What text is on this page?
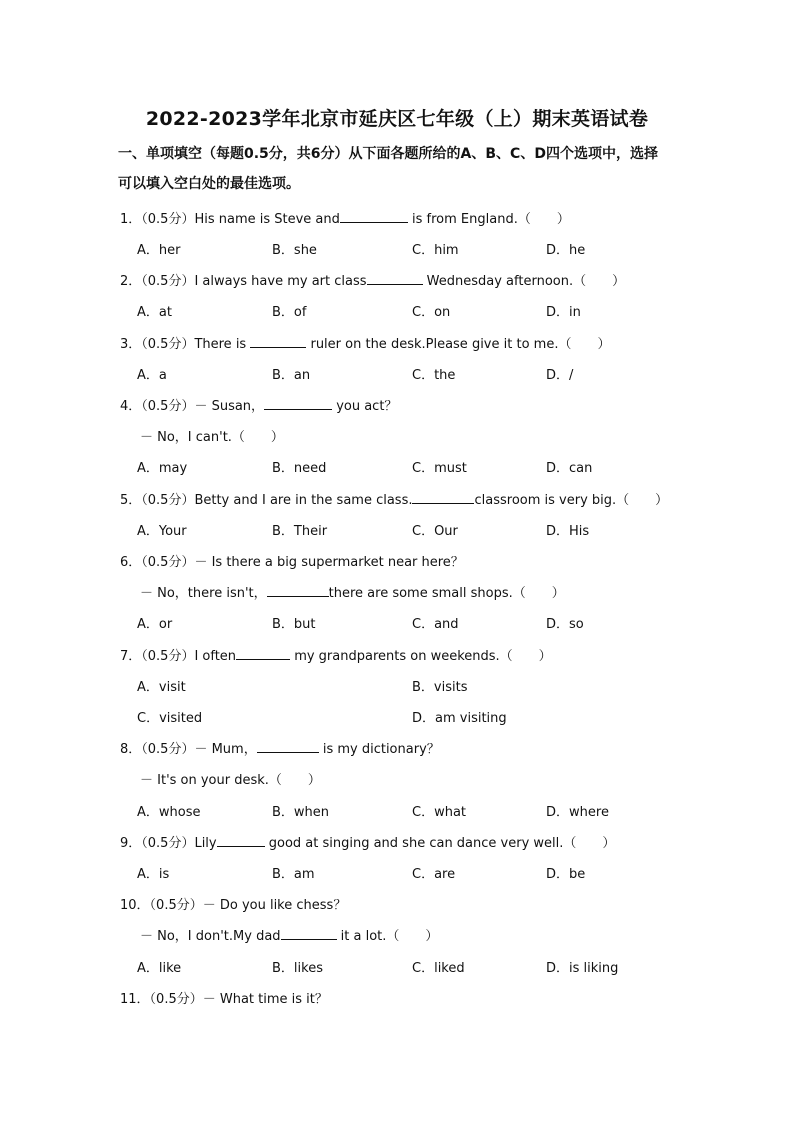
2022-2023学年北京市延庆区七年级（上）期末英语试卷
一、单项填空（每题0.5分，共6分）从下面各题所给的A、B、C、D四个选项中，选择
可以填入空白处的最佳选项。
1．（0.5分）His name is Steve and	is from England.（　　）
A．her	B．she	C．him	D．he
2．（0.5分）I always have my art class	Wednesday afternoon.（　　）
A．at	B．of	C．on	D．in
3．（0.5分）There is	ruler on the desk.Please give it to me.（　　）
A．a	B．an	C．the	D．/
4．（0.5分）－ Susan，	you act？
－ No，I can't.（　　）
A．may	B．need	C．must	D．can
5．（0.5分）Betty and I are in the same class.	classroom is very big.（　　）
A．Your	B．Their	C．Our	D．His
6．（0.5分）－ Is there a big supermarket near here？
－ No，there isn't，	there are some small shops.（　　）
A．or	B．but	C．and	D．so
7．（0.5分）I often	my grandparents on weekends.（　　）
A．visit	B．visits
C．visited	D．am visiting
8．（0.5分）－ Mum，	is my dictionary？
－ It's on your desk.（　　）
A．whose	B．when	C．what	D．where
9．（0.5分）Lily	good at singing and she can dance very well.（　　）
A．is	B．am	C．are	D．be
10．（0.5分）－ Do you like chess？
－ No，I don't.My dad	it a lot.（　　）
A．like	B．likes	C．liked	D．is liking
11．（0.5分）－ What time is it？
